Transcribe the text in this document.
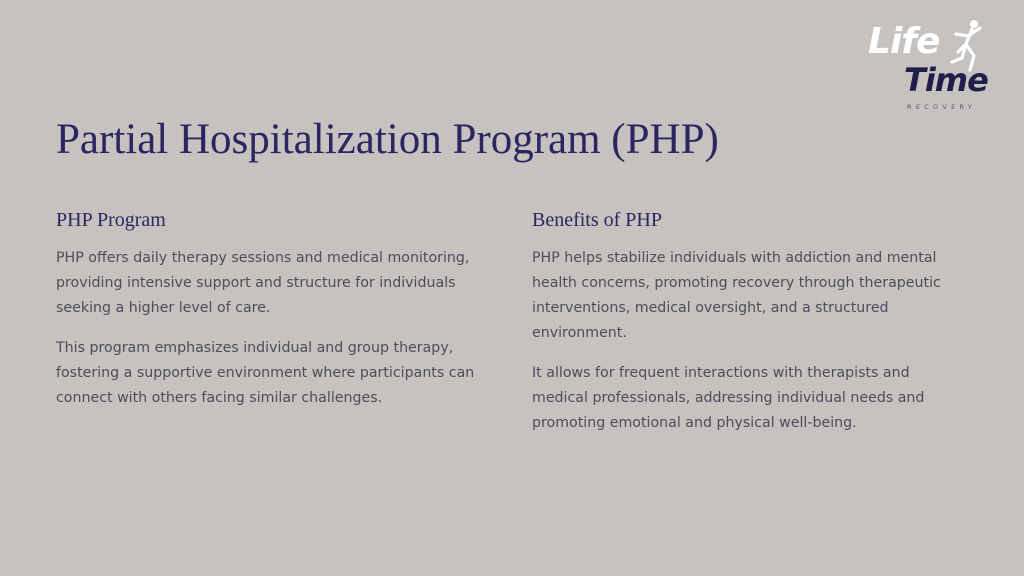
Life
Time
RECOVERY
Partial Hospitalization Program (PHP)
PHP Program

PHP offers daily therapy sessions and medical monitoring, providing intensive support and structure for individuals seeking a higher level of care.

This program emphasizes individual and group therapy, fostering a supportive environment where participants can connect with others facing similar challenges.

Benefits of PHP

PHP helps stabilize individuals with addiction and mental health concerns, promoting recovery through therapeutic interventions, medical oversight, and a structured environment.

It allows for frequent interactions with therapists and medical professionals, addressing individual needs and promoting emotional and physical well-being.
